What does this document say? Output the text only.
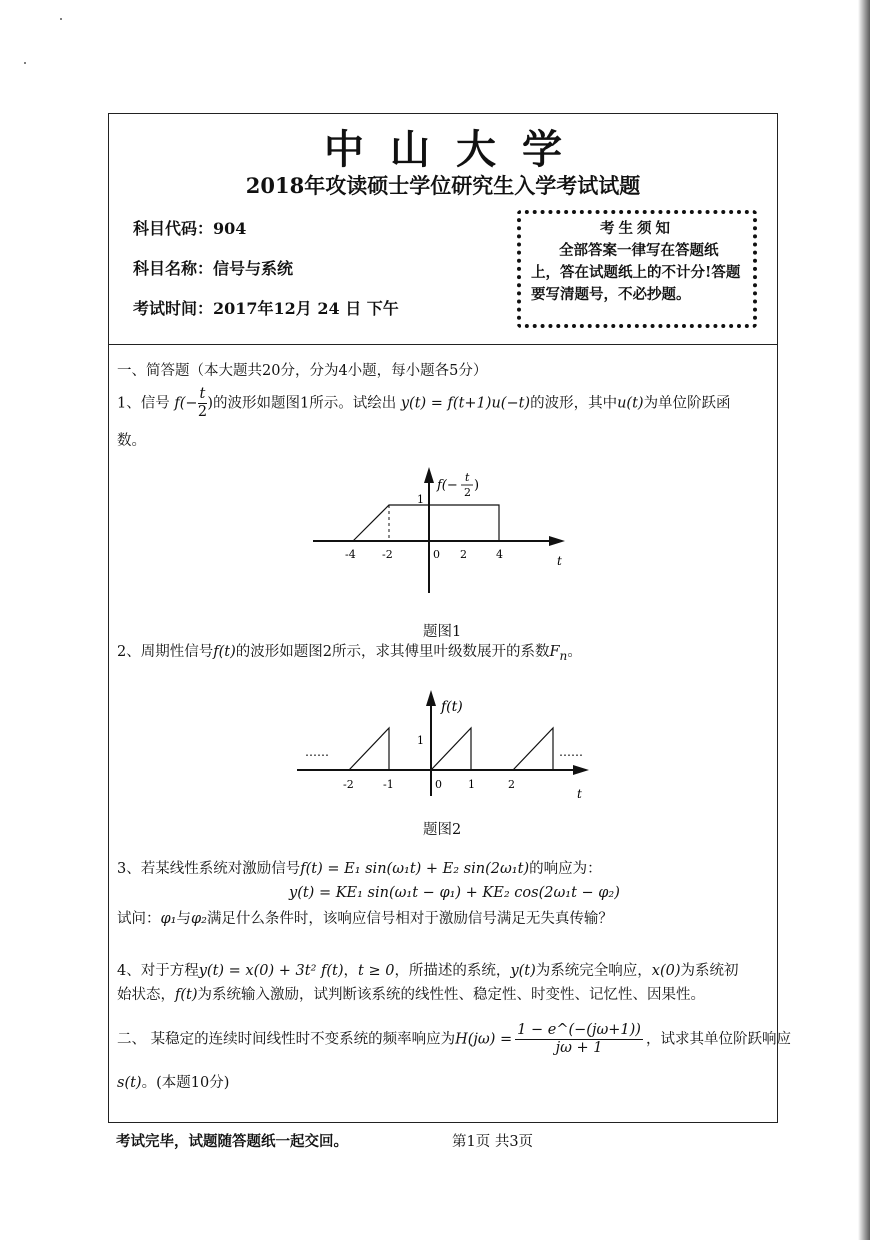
中山大学
2018年攻读硕士学位研究生入学考试试题
科目代码：904
科目名称：信号与系统
考试时间：2017年12月 24 日 下午
考生须知
全部答案一律写在答题纸上，答在试题纸上的不计分!答题要写清题号，不必抄题。
一、简答题（本大题共20分，分为4小题，每小题各5分）
1、信号 $f(- \frac{t}{2}$ )的波形如题图1所示。试绘出 y(t) = f(t+1)u(−t)的波形，其中u(t)为单位阶跃函
数。
1
-4 -2	0 2	4	t
f(−
t
2 )
题图1
2、周期性信号f(t)的波形如题图2所示，求其傅里叶级数展开的系数$F_n$。
1
……	……
-2	-1	0 1	2
t
f(t)
题图2
3、若某线性系统对激励信号f(t) = E₁ sin(ω₁t) + E₂ sin(2ω₁t)的响应为：
y(t) = KE₁ sin(ω₁t − φ₁) + KE₂ cos(2ω₁t − φ₂)
试问：φ₁与φ₂满足什么条件时，该响应信号相对于激励信号满足无失真传输？
4、对于方程y(t) = x(0) + 3t² f(t)，t ≥ 0，所描述的系统，y(t)为系统完全响应，x(0)为系统初
始状态，f(t)为系统输入激励，试判断该系统的线性性、稳定性、时变性、记忆性、因果性。
二、 某稳定的连续时间线性时不变系统的频率响应为$H(j\omega) = \frac{1 - e\^{}(-(j\omega+1))}{j\omega + 1}$ ，试求其单位阶跃响应
s(t)。(本题10分)
考试完毕，试题随答题纸一起交回。	第1页 共3页
